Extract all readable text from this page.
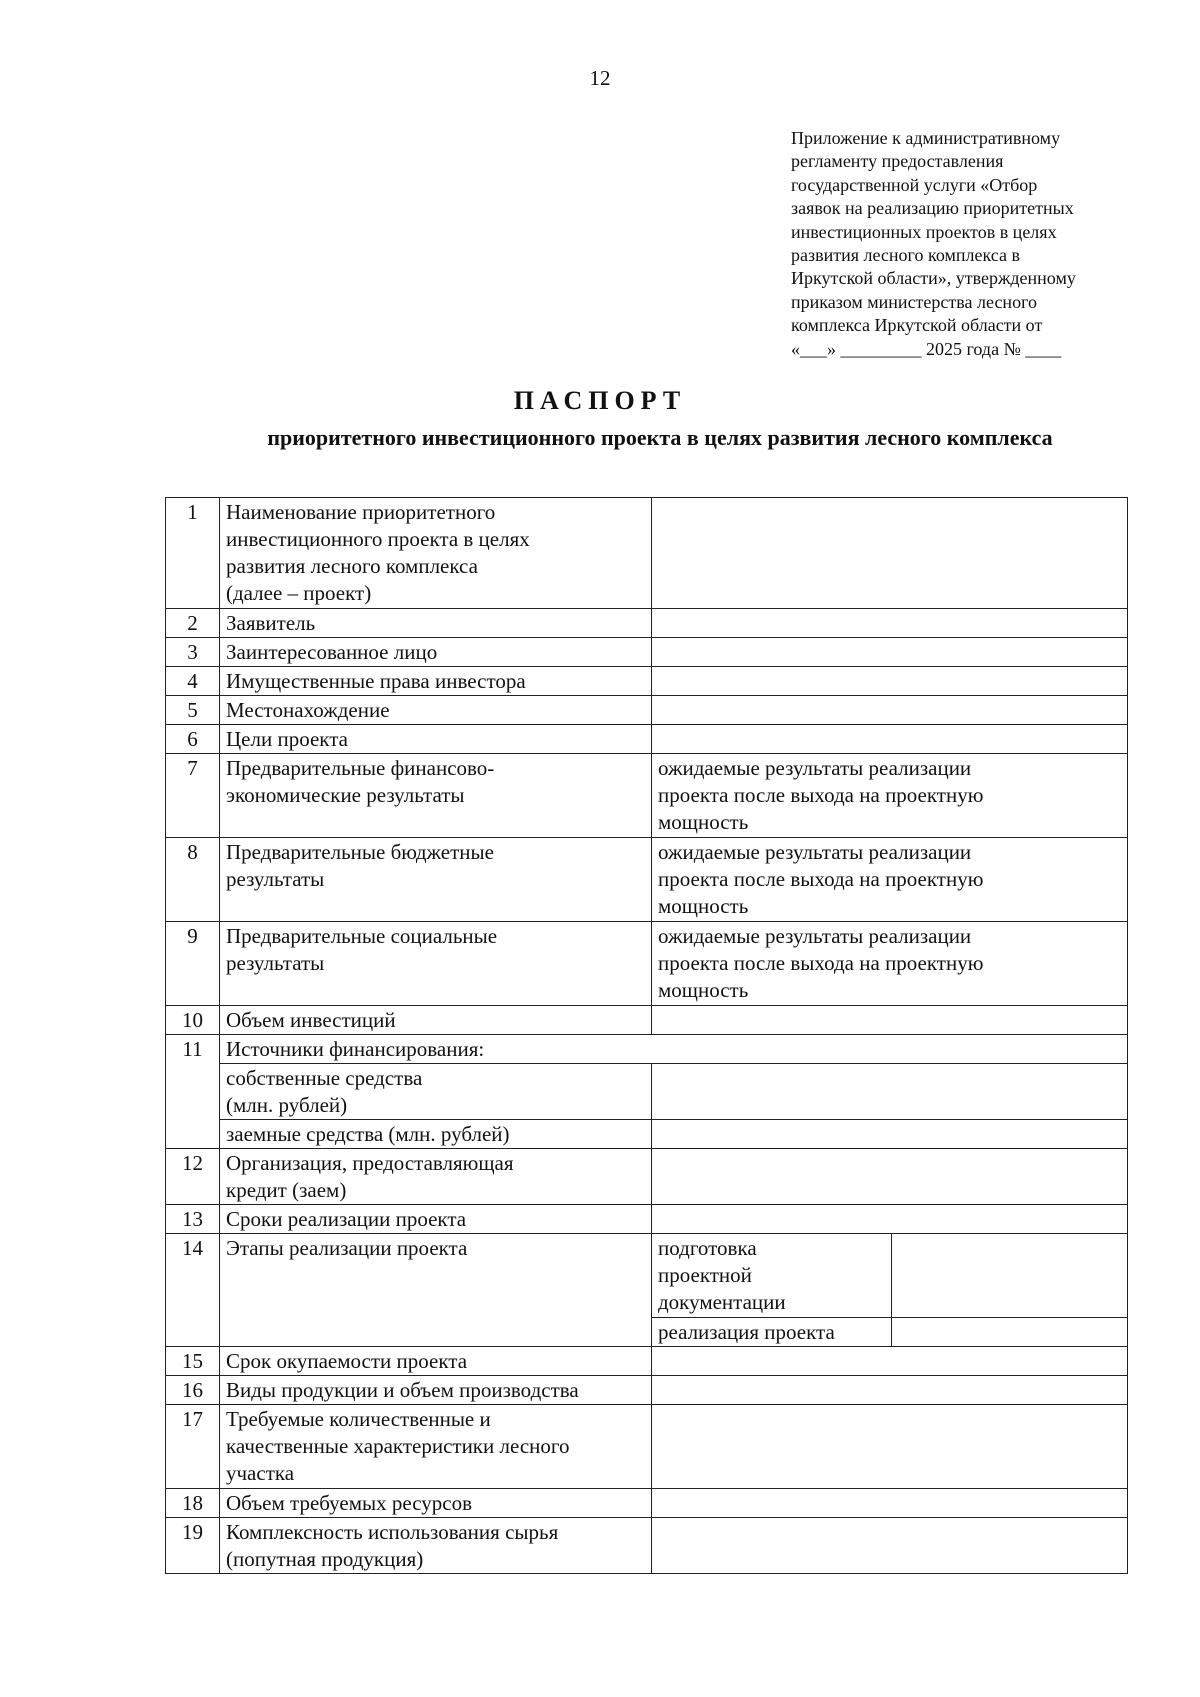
12
Приложение к административному
регламенту предоставления
государственной услуги «Отбор
заявок на реализацию приоритетных
инвестиционных проектов в целях
развития лесного комплекса в
Иркутской области», утвержденному
приказом министерства лесного
комплекса Иркутской области от
«___» _________ 2025 года № ____
ПАСПОРТ
приоритетного инвестиционного проекта в целях развития лесного комплекса
1	Наименование приоритетного
инвестиционного проекта в целях
развития лесного комплекса
(далее – проект)		

2	Заявитель		
3	Заинтересованное лицо		
4	Имущественные права инвестора		
5	Местонахождение		
6	Цели проекта		
7	Предварительные финансово-
экономические результаты	ожидаемые результаты реализации
проекта после выхода на проектную
мощность	

8	Предварительные бюджетные
результаты	ожидаемые результаты реализации
проекта после выхода на проектную
мощность	

9	Предварительные социальные
результаты	ожидаемые результаты реализации
проекта после выхода на проектную
мощность	

10	Объем инвестиций		
11	Источники финансирования:		

	собственные средства
(млн. рублей)		

	заемные средства (млн. рублей)		
12	Организация, предоставляющая
кредит (заем)		

13	Сроки реализации проекта		
14	Этапы реализации проекта	подготовка
проектной
документации	

		реализация проекта	
15	Срок окупаемости проекта		
16	Виды продукции и объем производства		
17	Требуемые количественные и
качественные характеристики лесного
участка		

18	Объем требуемых ресурсов		
19	Комплексность использования сырья
(попутная продукция)		
